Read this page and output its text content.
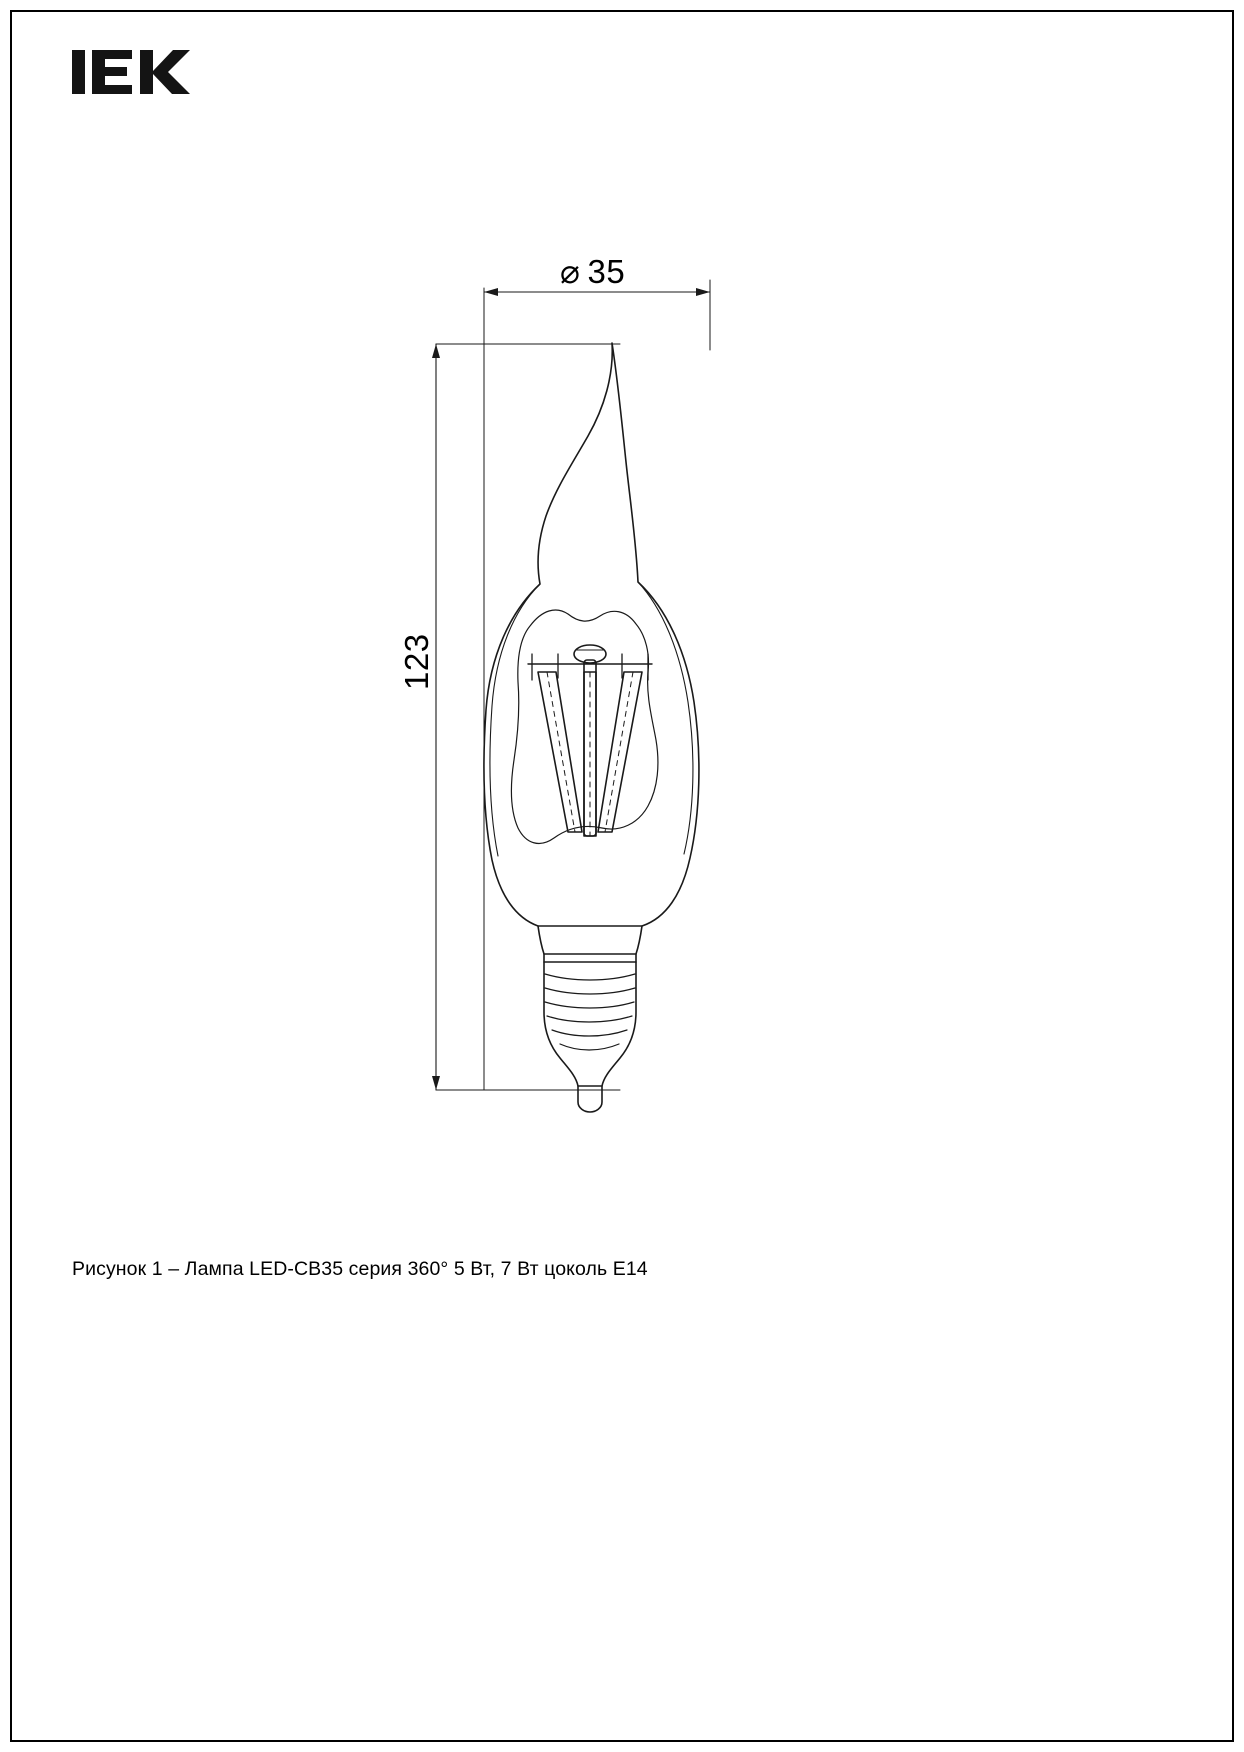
⌀ 35
123
Рисунок 1 – Лампа LED-CB35 серия 360° 5 Вт, 7 Вт цоколь E14
